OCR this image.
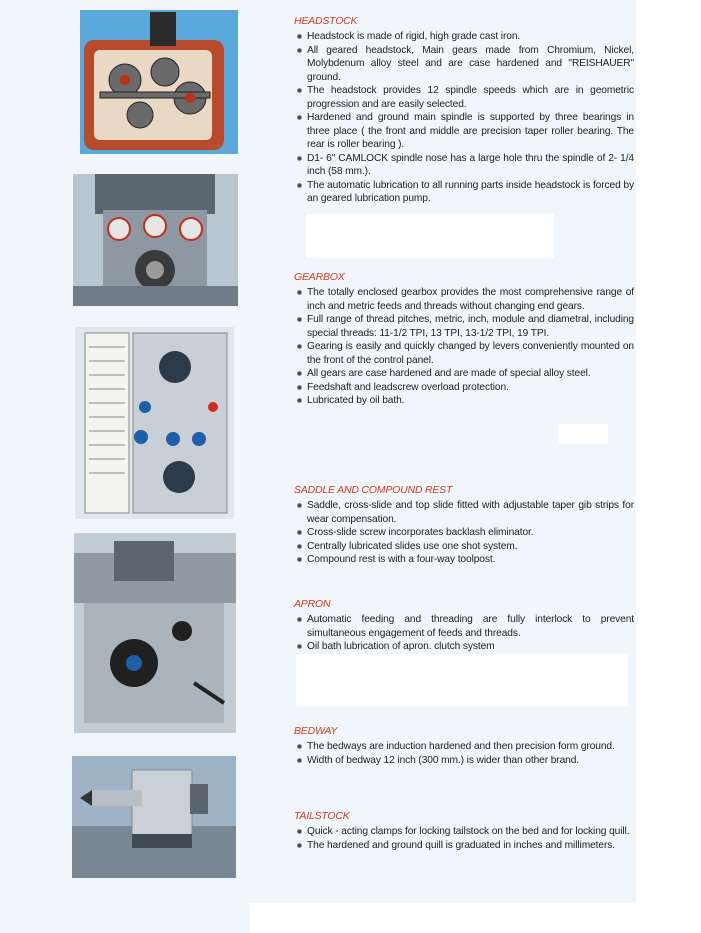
HEADSTOCK
Headstock is made of rigid, high grade cast iron.
All geared headstock, Main gears made from Chromium, Nickel, Molybdenum alloy steel and are case hardened and "REISHAUER" ground.
The headstock provides 12 spindle speeds which are in geometric progression and are easily selected.
Hardened and ground main spindle is supported by three bearings in three place ( the front and middle are precision taper roller bearing. The rear is roller bearing ).
D1- 6" CAMLOCK spindle nose has a large hole thru the spindle of 2- 1/4 inch (58 mm.).
The automatic lubrication to all running parts inside headstock is forced by an geared lubrication pump.
GEARBOX
The totally enclosed gearbox provides the most comprehensive range of inch and metric feeds and threads without changing end gears.
Full range of thread pitches, metric, inch, module and diametral, including special threads: 11-1/2 TPI, 13 TPI, 13-1/2 TPI, 19 TPI.
Gearing is easily and quickly changed by levers conveniently mounted on the front of the control panel.
All gears are case hardened and are made of special alloy steel.
Feedshaft and leadscrew overload protection.
Lubricated by oil bath.
SADDLE AND COMPOUND REST
Saddle, cross-slide and top slide fitted with adjustable taper gib strips for wear compensation.
Cross-slide screw incorporates backlash eliminator.
Centrally lubricated slides use one shot system.
Compound rest is with a four-way toolpost.
APRON
Automatic feeding and threading are fully interlock to prevent simultaneous engagement of feeds and threads.
Oil bath lubrication of apron. clutch system
BEDWAY
The bedways are induction hardened and then precision form ground.
Width of bedway 12 inch (300 mm.) is wider than other brand.
TAILSTOCK
Quick - acting clamps for locking tailstock on the bed and for locking quill.
The hardened and ground quill is graduated in inches and millimeters.
